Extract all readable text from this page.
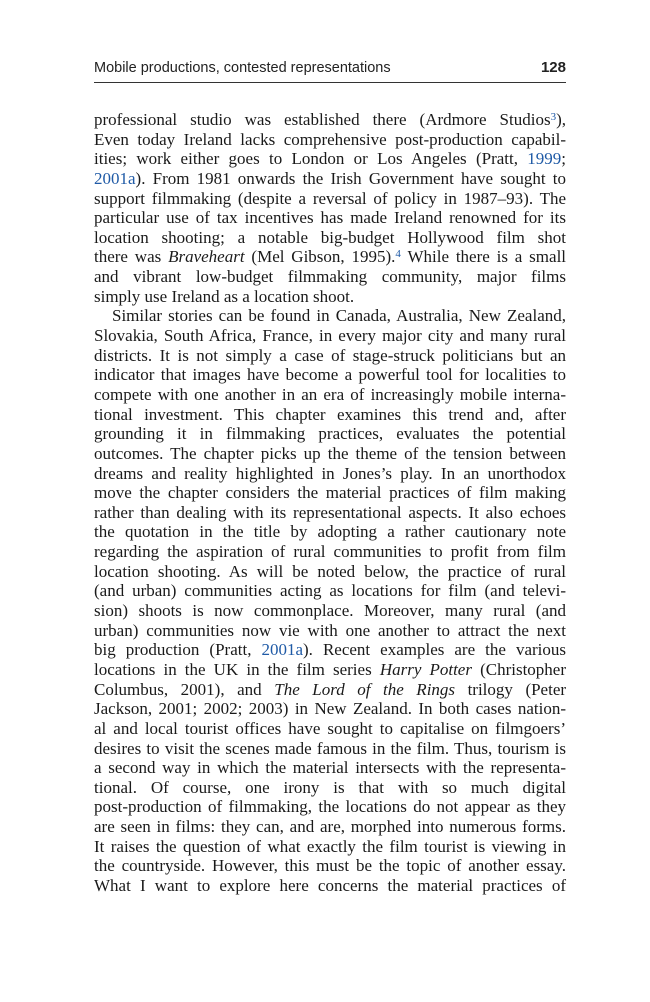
Mobile productions, contested representations	128
professional studio was established there (Ardmore Studios$^3$),
Even today Ireland lacks comprehensive post-production capabil-
ities; work either goes to London or Los Angeles (Pratt, 1999;
2001a). From 1981 onwards the Irish Government have sought to
support filmmaking (despite a reversal of policy in 1987–93). The
particular use of tax incentives has made Ireland renowned for its
location shooting; a notable big-budget Hollywood film shot
there was Braveheart (Mel Gibson, 1995).$^4$ While there is a small
and vibrant low-budget filmmaking community, major films
simply use Ireland as a location shoot.
Similar stories can be found in Canada, Australia, New Zealand,
Slovakia, South Africa, France, in every major city and many rural
districts. It is not simply a case of stage-struck politicians but an
indicator that images have become a powerful tool for localities to
compete with one another in an era of increasingly mobile interna-
tional investment. This chapter examines this trend and, after
grounding it in filmmaking practices, evaluates the potential
outcomes. The chapter picks up the theme of the tension between
dreams and reality highlighted in Jones’s play. In an unorthodox
move the chapter considers the material practices of film making
rather than dealing with its representational aspects. It also echoes
the quotation in the title by adopting a rather cautionary note
regarding the aspiration of rural communities to profit from film
location shooting. As will be noted below, the practice of rural
(and urban) communities acting as locations for film (and televi-
sion) shoots is now commonplace. Moreover, many rural (and
urban) communities now vie with one another to attract the next
big production (Pratt, 2001a). Recent examples are the various
locations in the UK in the film series Harry Potter (Christopher
Columbus, 2001), and The Lord of the Rings trilogy (Peter
Jackson, 2001; 2002; 2003) in New Zealand. In both cases nation-
al and local tourist offices have sought to capitalise on filmgoers’
desires to visit the scenes made famous in the film. Thus, tourism is
a second way in which the material intersects with the representa-
tional. Of course, one irony is that with so much digital
post-production of filmmaking, the locations do not appear as they
are seen in films: they can, and are, morphed into numerous forms.
It raises the question of what exactly the film tourist is viewing in
the countryside. However, this must be the topic of another essay.
What I want to explore here concerns the material practices of
